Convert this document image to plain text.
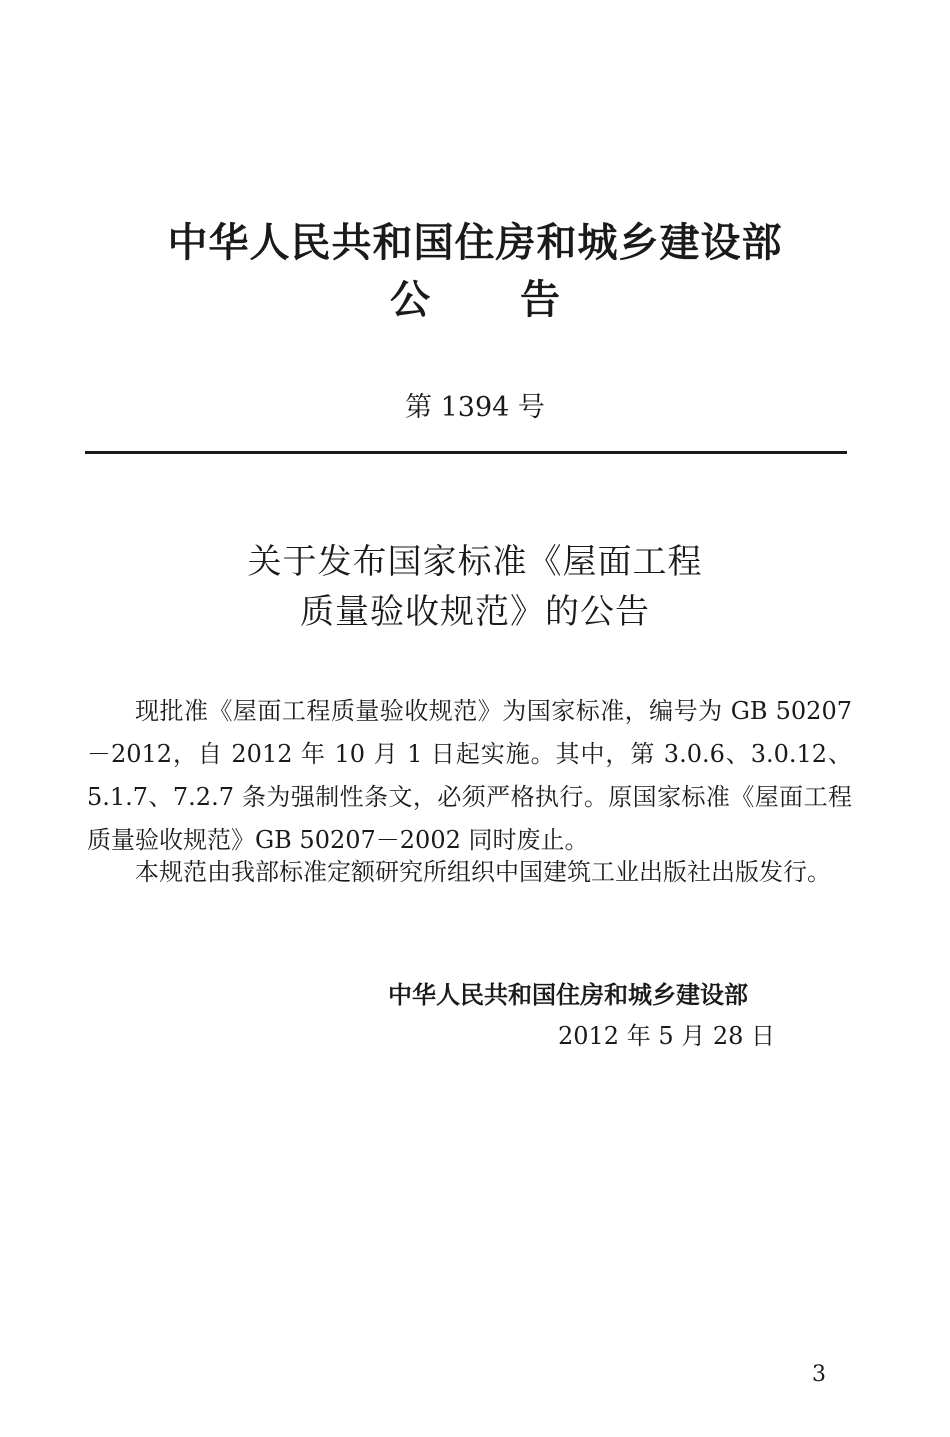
中华人民共和国住房和城乡建设部
公 告
第 1394 号
关于发布国家标准《屋面工程
质量验收规范》的公告

现批准《屋面工程质量验收规范》为国家标准，编号为 GB 50207－2012，自 2012 年 10 月 1 日起实施。其中，第 3.0.6、3.0.12、5.1.7、7.2.7 条为强制性条文，必须严格执行。原国家标准《屋面工程质量验收规范》GB 50207－2002 同时废止。

本规范由我部标准定额研究所组织中国建筑工业出版社出版发行。

中华人民共和国住房和城乡建设部
2012 年 5 月 28 日
3
